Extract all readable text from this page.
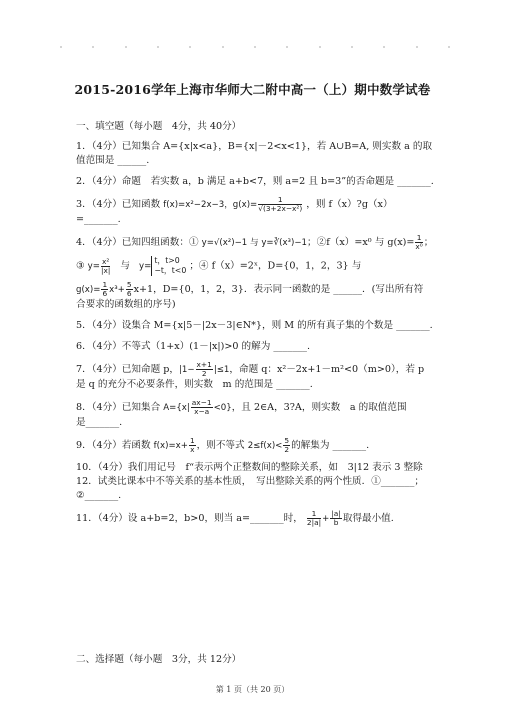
2015-2016学年上海市华师大二附中高一（上）期中数学试卷
一、填空题（每小题　4分，共 40分）
1．（4分）已知集合 A={x|x<a}，B={x|－2<x<1}，若 A∪B=A, 则实数 a 的取
值范围是 ______.
2．（4分）命题　若实数 a，b 满足 a+b<7，则 a=2 且 b=3”的否命题是 _______.
3．（4分）已知函数 f(x)=x²−2x−3，$g(x)= \frac{1}{\text{√(3+2x−x²)}}$ ，则 f（x）?g（x）=_______.
4．（4分）已知四组函数：① y=√(x²)−1 与 y=∛(x³)−1；②f（x）=x⁰ 与 $g(x)= \frac{1}{\text{x⁰}}$ ；
③ $y= \frac{\text{x²}}{|x|}$ 与 y=
t，t>0
−t，t<0 ；④ f（x）=2ˣ，D={0，1，2，3} 与
$g(x)= \frac{1}{6} x^3+ \frac{5}{6} x+1$，D={0，1，2，3}．表示同一函数的是 ______．(写出所有符
合要求的函数组的序号)
5．（4分）设集合 M={x|5－|2x－3|∈N*}，则 M 的所有真子集的个数是 _______.
6．（4分）不等式（1+x）(1－|x|)>0 的解为 _______.
7．（4分）已知命题 p，$|1- \frac{x+1}{2} |\le 1$，命题 q：x²－2x+1－m²<0（m>0），若 p
是 q 的充分不必要条件，则实数　m 的范围是 _______.
8．（4分）已知集合 $A=\{x| \frac{ax-1}{x-a} <0\}$，且 2∈A，3?A，则实数　a 的取值范围
是_______.
9．（4分）若函数 $f(x)=x+ \frac{1}{x}$ ，则不等式 $2\le f(x)< \frac{5}{2}$ 的解集为 _______.
10．（4分）我们用记号　f“表示两个正整数间的整除关系，如　3|12 表示 3 整除
12．试类比课本中不等关系的基本性质，　写出整除关系的两个性质．①_______；
②_______.
11．（4分）设 a+b=2，b>0，则当 a=_______时， $\frac{1}{2|a|} + \frac{|a|}{b}$ 取得最小值.
二、选择题（每小题　3分，共 12分）
第 1 页（共 20 页）
